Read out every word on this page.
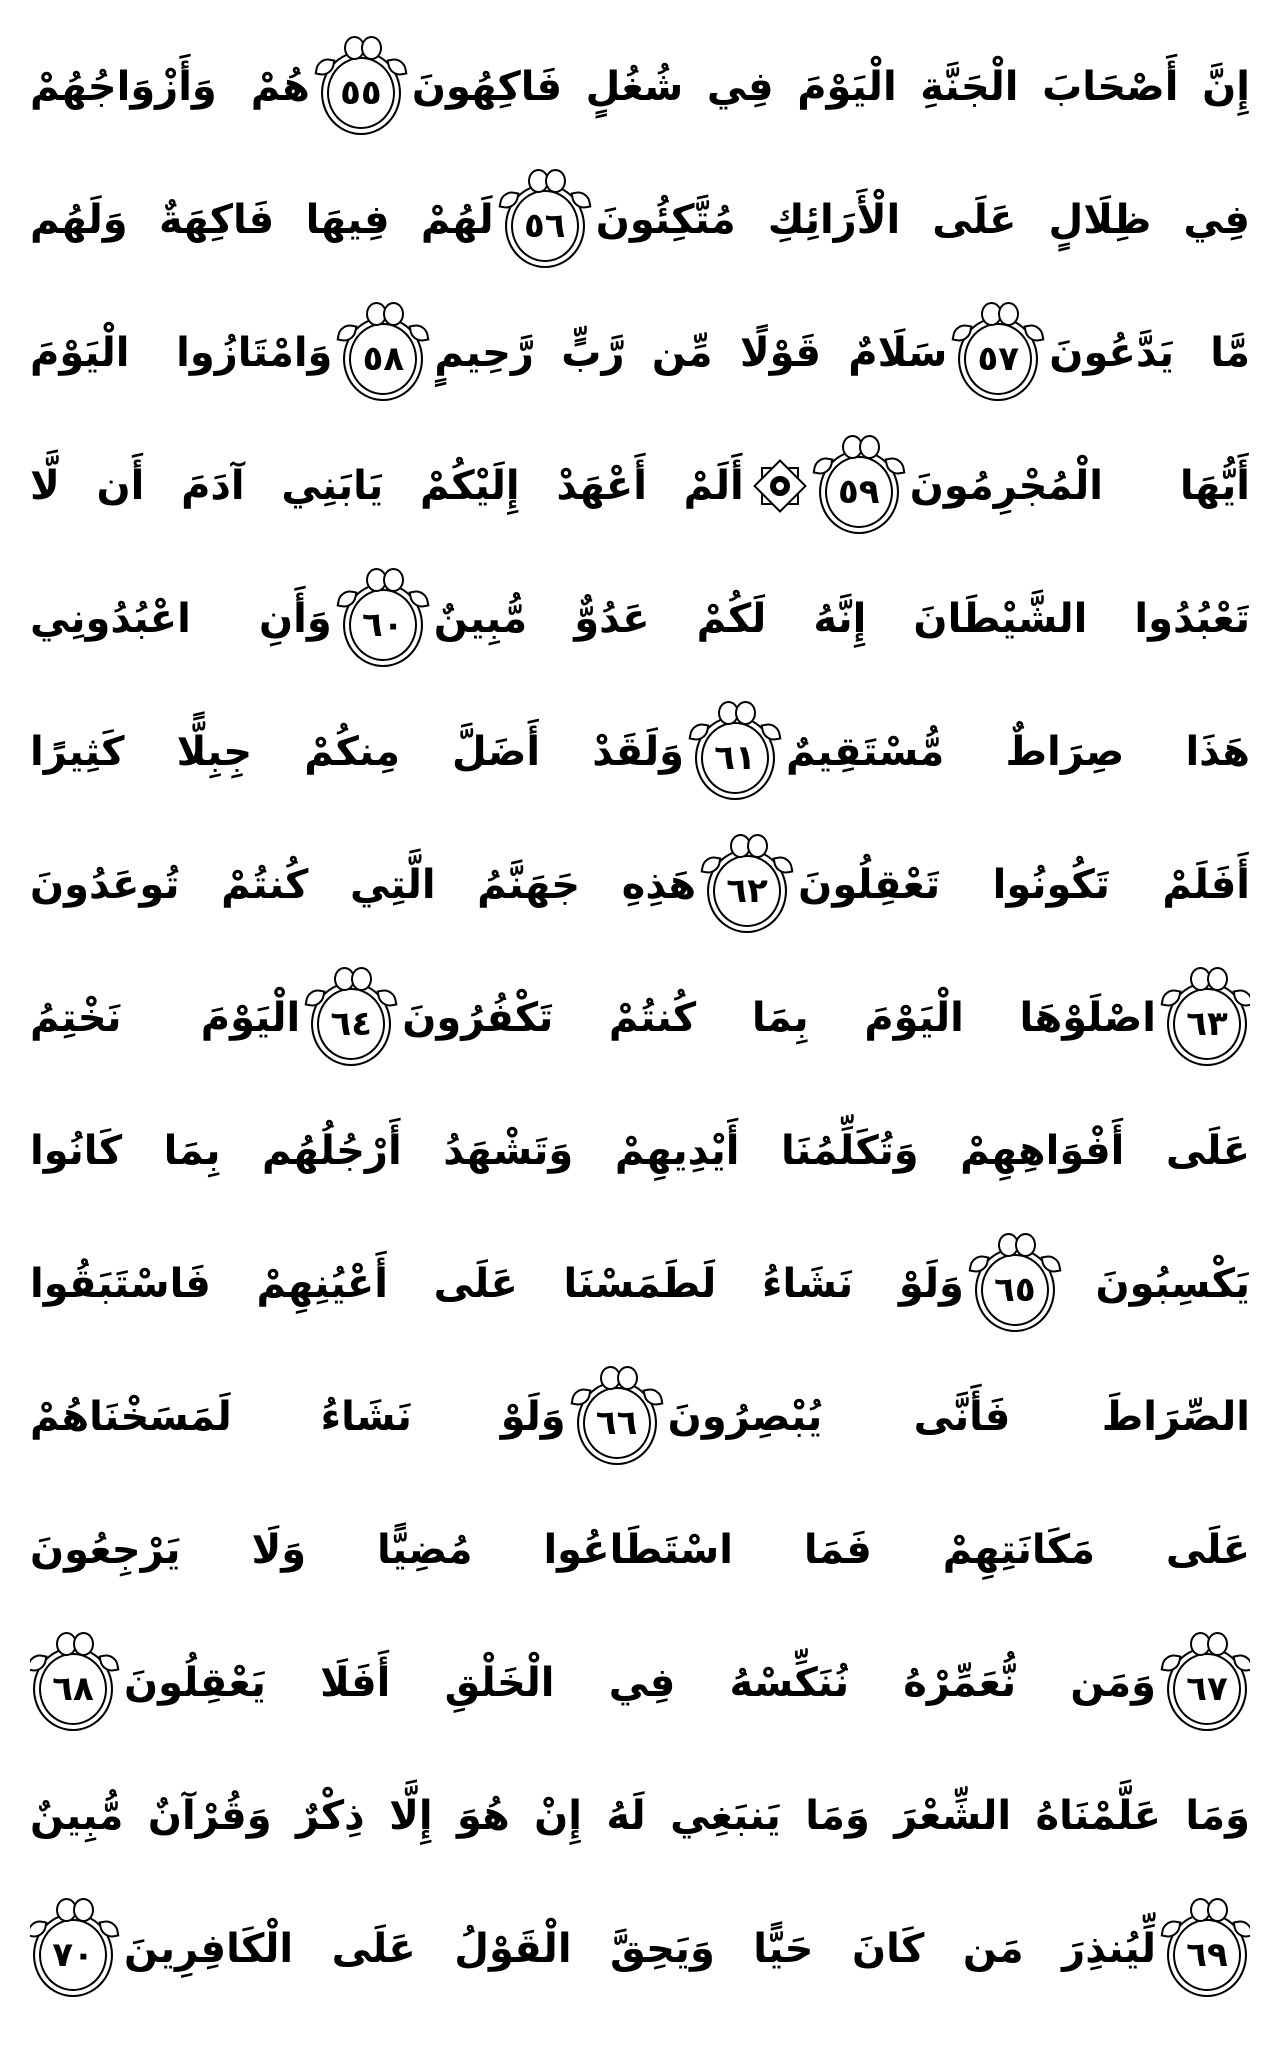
إِنَّ أَصْحَابَ الْجَنَّةِ الْيَوْمَ فِي شُغُلٍ فَاكِهُونَ
٥٥
هُمْ وَأَزْوَاجُهُمْ
فِي ظِلَالٍ عَلَى الْأَرَائِكِ مُتَّكِئُونَ
٥٦
لَهُمْ فِيهَا فَاكِهَةٌ وَلَهُم
مَّا يَدَّعُونَ
٥٧
سَلَامٌ قَوْلًا مِّن رَّبٍّ رَّحِيمٍ
٥٨
وَامْتَازُوا الْيَوْمَ
أَيُّهَا الْمُجْرِمُونَ
٥٩
أَلَمْ أَعْهَدْ إِلَيْكُمْ يَابَنِي آدَمَ أَن لَّا
تَعْبُدُوا الشَّيْطَانَ إِنَّهُ لَكُمْ عَدُوٌّ مُّبِينٌ
٦٠
وَأَنِ اعْبُدُونِي
هَذَا صِرَاطٌ مُّسْتَقِيمٌ
٦١
وَلَقَدْ أَضَلَّ مِنكُمْ جِبِلًّا كَثِيرًا
أَفَلَمْ تَكُونُوا تَعْقِلُونَ
٦٢
هَذِهِ جَهَنَّمُ الَّتِي كُنتُمْ تُوعَدُونَ
٦٣
اصْلَوْهَا الْيَوْمَ بِمَا كُنتُمْ تَكْفُرُونَ
٦٤
الْيَوْمَ نَخْتِمُ
عَلَى أَفْوَاهِهِمْ وَتُكَلِّمُنَا أَيْدِيهِمْ وَتَشْهَدُ أَرْجُلُهُم بِمَا كَانُوا
يَكْسِبُونَ
٦٥
وَلَوْ نَشَاءُ لَطَمَسْنَا عَلَى أَعْيُنِهِمْ فَاسْتَبَقُوا
الصِّرَاطَ فَأَنَّى يُبْصِرُونَ
٦٦
وَلَوْ نَشَاءُ لَمَسَخْنَاهُمْ
عَلَى مَكَانَتِهِمْ فَمَا اسْتَطَاعُوا مُضِيًّا وَلَا يَرْجِعُونَ
٦٧
وَمَن نُّعَمِّرْهُ نُنَكِّسْهُ فِي الْخَلْقِ أَفَلَا يَعْقِلُونَ
٦٨
وَمَا عَلَّمْنَاهُ الشِّعْرَ وَمَا يَنبَغِي لَهُ إِنْ هُوَ إِلَّا ذِكْرٌ وَقُرْآنٌ مُّبِينٌ
٦٩
لِّيُنذِرَ مَن كَانَ حَيًّا وَيَحِقَّ الْقَوْلُ عَلَى الْكَافِرِينَ
٧٠
